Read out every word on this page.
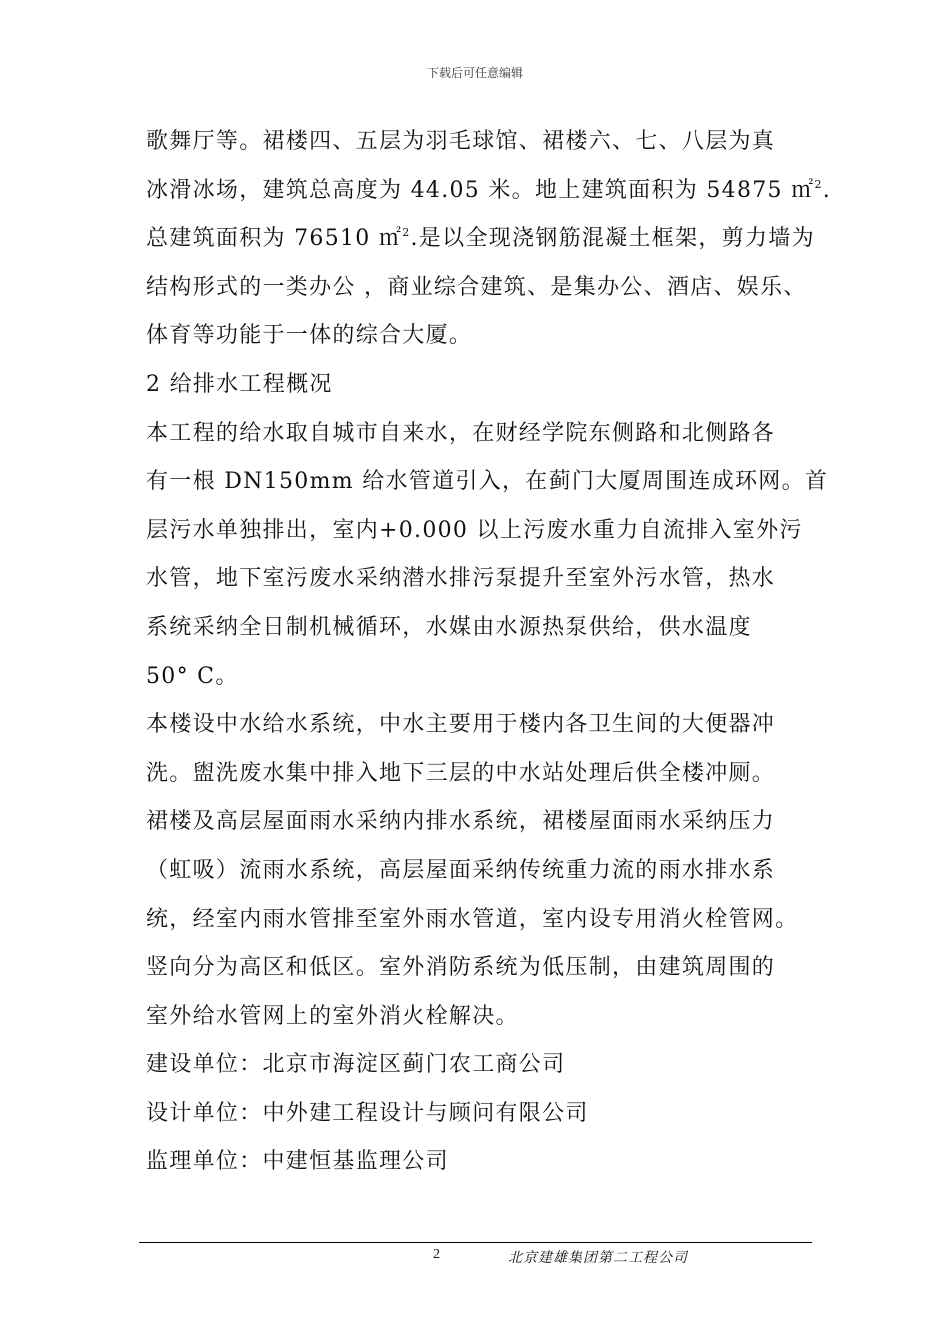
下载后可任意编辑
歌舞厅等。裙楼四、五层为羽毛球馆、裙楼六、七、八层为真
冰滑冰场，建筑总高度为 44.05 米。地上建筑面积为 54875 ㎡$^2$.
总建筑面积为 76510 ㎡$^2$.是以全现浇钢筋混凝土框架，剪力墙为
结构形式的一类办公 ，商业综合建筑、是集办公、酒店、娱乐、
体育等功能于一体的综合大厦。
2 给排水工程概况
本工程的给水取自城市自来水，在财经学院东侧路和北侧路各
有一根 DN150mm 给水管道引入，在蓟门大厦周围连成环网。首
层污水单独排出，室内+0.000 以上污废水重力自流排入室外污
水管，地下室污废水采纳潜水排污泵提升至室外污水管，热水
系统采纳全日制机械循环，水媒由水源热泵供给，供水温度
50° C。
本楼设中水给水系统，中水主要用于楼内各卫生间的大便器冲
洗。盥洗废水集中排入地下三层的中水站处理后供全楼冲厕。
裙楼及高层屋面雨水采纳内排水系统，裙楼屋面雨水采纳压力
（虹吸）流雨水系统，高层屋面采纳传统重力流的雨水排水系
统，经室内雨水管排至室外雨水管道，室内设专用消火栓管网。
竖向分为高区和低区。室外消防系统为低压制，由建筑周围的
室外给水管网上的室外消火栓解决。
建设单位：北京市海淀区蓟门农工商公司
设计单位：中外建工程设计与顾问有限公司
监理单位：中建恒基监理公司
2	北京建雄集团第二工程公司
